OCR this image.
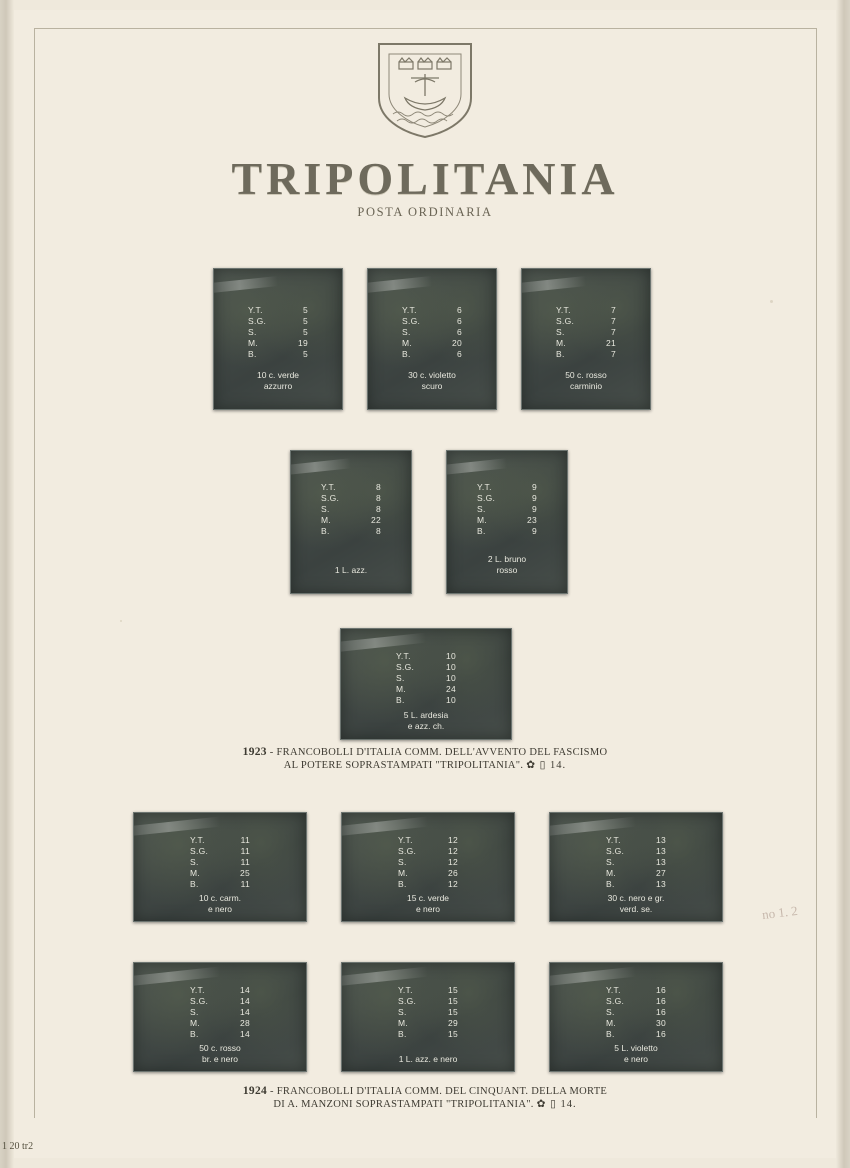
TRIPOLITANIA
POSTA ORDINARIA
Y.T.	5
S.G.	5
S.	5
M.	19
B.	5
10 c. verde
azzurro
Y.T.	6
S.G.	6
S.	6
M.	20
B.	6
30 c. violetto
scuro
Y.T.	7
S.G.	7
S.	7
M.	21
B.	7
50 c. rosso
carminio
Y.T.	8
S.G.	8
S.	8
M.	22
B.	8
1 L. azz.
Y.T.	9
S.G.	9
S.	9
M.	23
B.	9
2 L. bruno
rosso
Y.T.	10
S.G.	10
S.	10
M.	24
B.	10
5 L. ardesia
e azz. ch.
1923 - FRANCOBOLLI D'ITALIA COMM. DELL'AVVENTO DEL FASCISMO
AL POTERE SOPRASTAMPATI "TRIPOLITANIA". ✿ ▯ 14.
Y.T.	11
S.G.	11
S.	11
M.	25
B.	11
10 c. carm.
e nero
Y.T.	12
S.G.	12
S.	12
M.	26
B.	12
15 c. verde
e nero
Y.T.	13
S.G.	13
S.	13
M.	27
B.	13
30 c. nero e gr.
verd. se.
Y.T.	14
S.G.	14
S.	14
M.	28
B.	14
50 c. rosso
br. e nero
Y.T.	15
S.G.	15
S.	15
M.	29
B.	15
1 L. azz. e nero
Y.T.	16
S.G.	16
S.	16
M.	30
B.	16
5 L. violetto
e nero
1924 - FRANCOBOLLI D'ITALIA COMM. DEL CINQUANT. DELLA MORTE
DI A. MANZONI SOPRASTAMPATI "TRIPOLITANIA". ✿ ▯ 14.
no 1. 2
1 20 tr2
